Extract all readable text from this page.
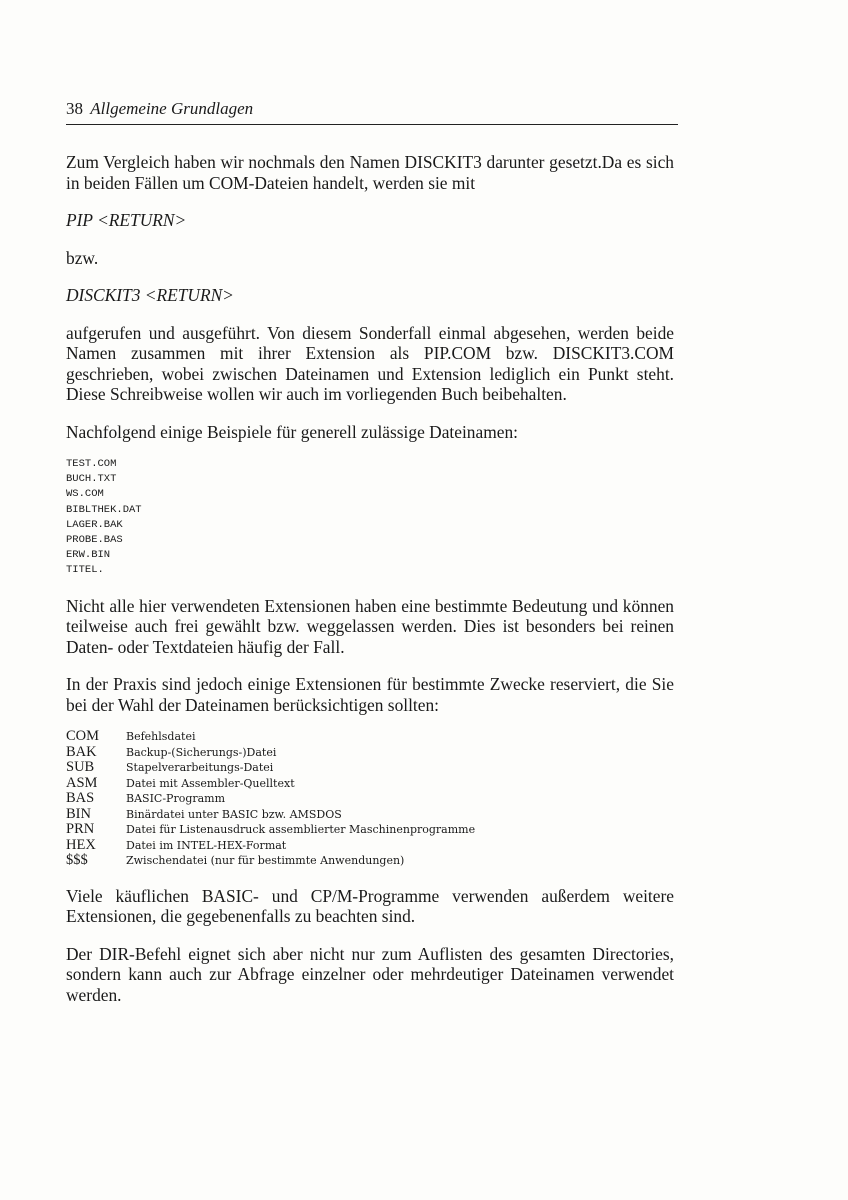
38 Allgemeine Grundlagen

Zum Vergleich haben wir nochmals den Namen DISCKIT3 darunter gesetzt.Da es sich in beiden Fällen um COM-Dateien handelt, werden sie mit

PIP <RETURN>

bzw.

DISCKIT3 <RETURN>

aufgerufen und ausgeführt. Von diesem Sonderfall einmal abgesehen, werden beide Namen zusammen mit ihrer Extension als PIP.COM bzw. DISCKIT3.COM geschrieben, wobei zwischen Dateinamen und Extension lediglich ein Punkt steht. Diese Schreibweise wollen wir auch im vorliegenden Buch beibehalten.

Nachfolgend einige Beispiele für generell zulässige Dateinamen:

TEST.COM
BUCH.TXT
WS.COM
BIBLTHEK.DAT
LAGER.BAK
PROBE.BAS
ERW.BIN
TITEL.

Nicht alle hier verwendeten Extensionen haben eine bestimmte Bedeutung und können teilweise auch frei gewählt bzw. weggelassen werden. Dies ist besonders bei reinen Daten- oder Textdateien häufig der Fall.

In der Praxis sind jedoch einige Extensionen für bestimmte Zwecke reserviert, die Sie bei der Wahl der Dateinamen berücksichtigen sollten:

COM	Befehlsdatei
BAK	Backup-(Sicherungs-)Datei
SUB	Stapelverarbeitungs-Datei
ASM	Datei mit Assembler-Quelltext
BAS	BASIC-Programm
BIN	Binärdatei unter BASIC bzw. AMSDOS
PRN	Datei für Listenausdruck assemblierter Maschinenprogramme
HEX	Datei im INTEL-HEX-Format
$$$	Zwischendatei (nur für bestimmte Anwendungen)

Viele käuflichen BASIC- und CP/M-Programme verwenden außerdem weitere Extensionen, die gegebenenfalls zu beachten sind.

Der DIR-Befehl eignet sich aber nicht nur zum Auflisten des gesamten Directories, sondern kann auch zur Abfrage einzelner oder mehrdeutiger Dateinamen verwendet werden.
